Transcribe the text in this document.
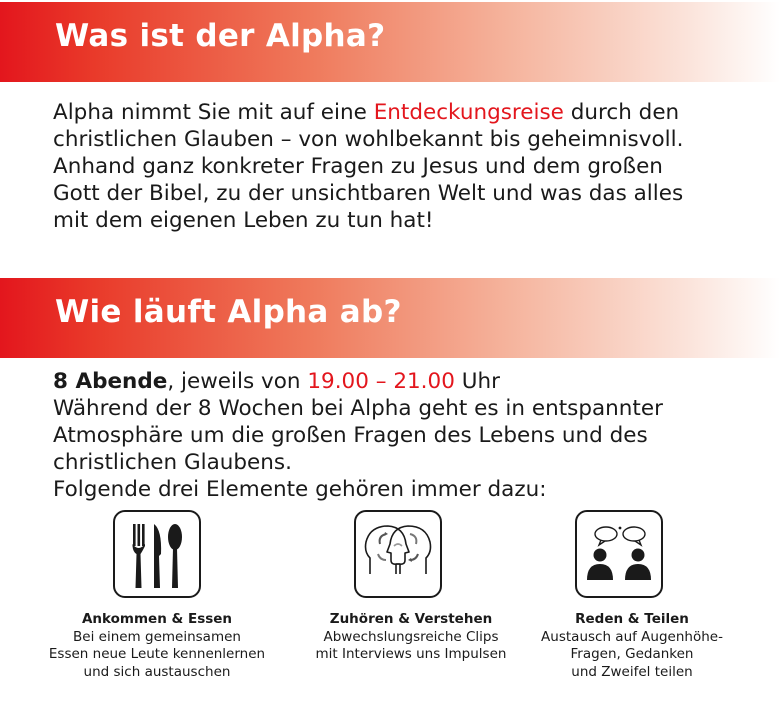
Was ist der Alpha?

Alpha nimmt Sie mit auf eine Entdeckungsreise durch den

christlichen Glauben – von wohlbekannt bis geheimnisvoll.

Anhand ganz konkreter Fragen zu Jesus und dem großen

Gott der Bibel, zu der unsichtbaren Welt und was das alles

mit dem eigenen Leben zu tun hat!

Wie läuft Alpha ab?

8 Abende, jeweils von 19.00 – 21.00 Uhr

Während der 8 Wochen bei Alpha geht es in entspannter

Atmosphäre um die großen Fragen des Lebens und des

christlichen Glaubens.

Folgende drei Elemente gehören immer dazu:

Ankommen & Essen
Bei einem gemeinsamen
Essen neue Leute kennenlernen
und sich austauschen
Zuhören & Verstehen
Abwechslungsreiche Clips
mit Interviews uns Impulsen
Reden & Teilen
Austausch auf Augenhöhe-
Fragen, Gedanken
und Zweifel teilen
